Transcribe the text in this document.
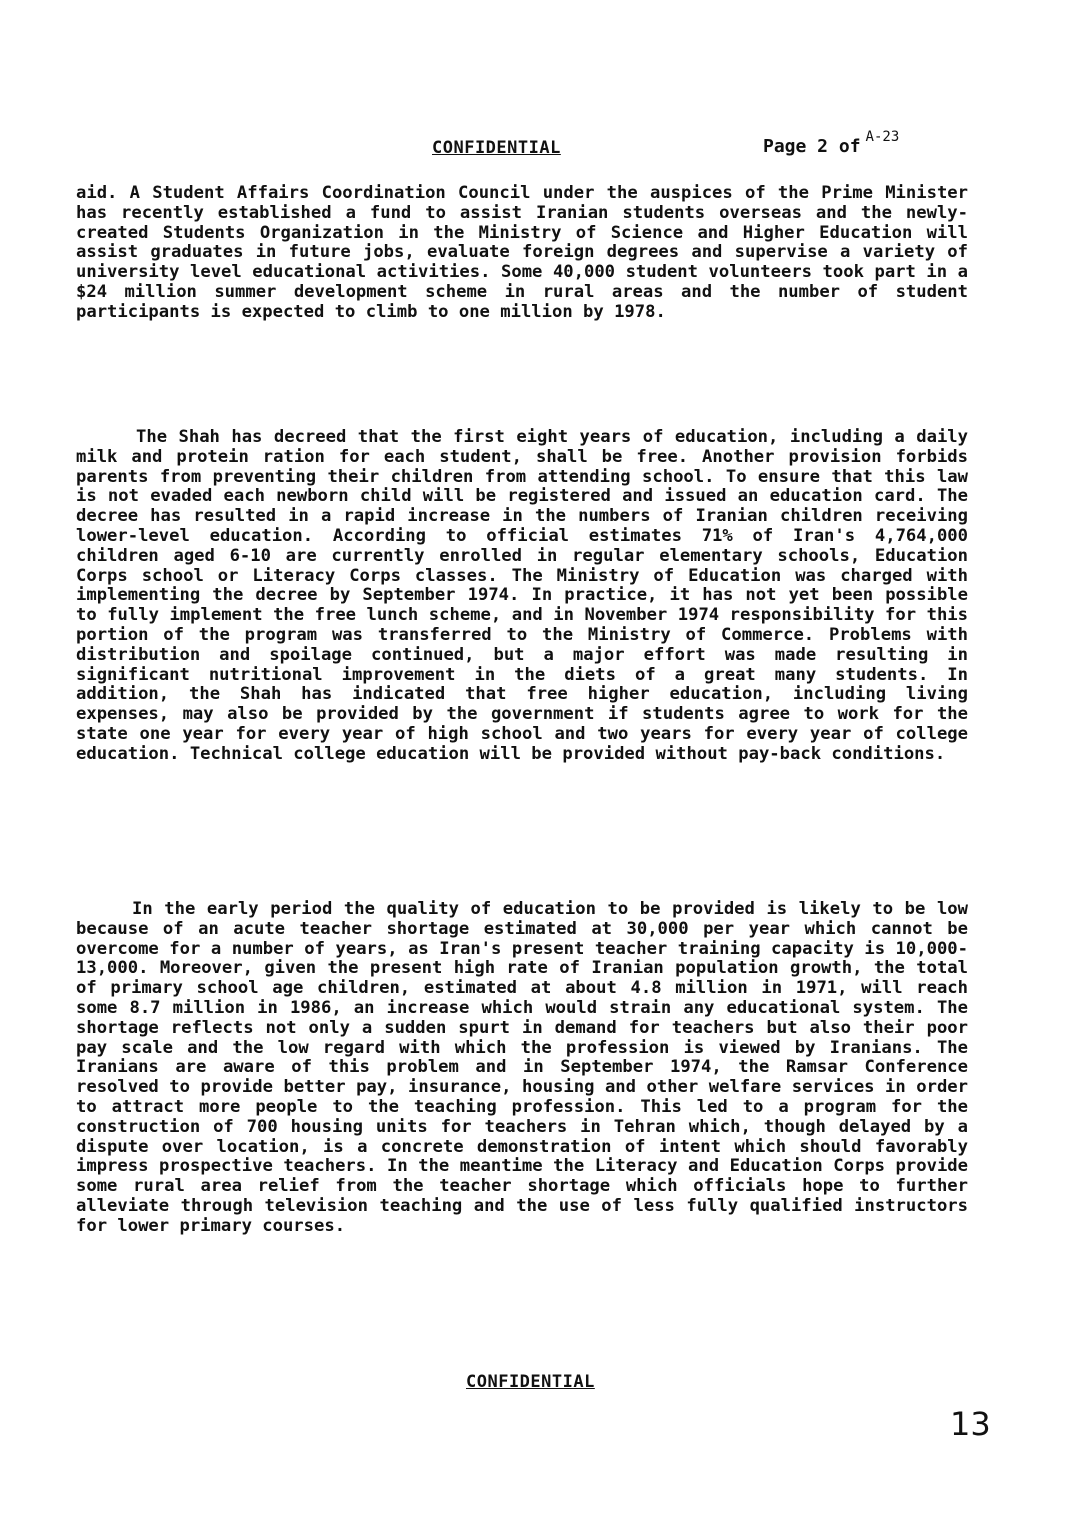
CONFIDENTIAL	Page 2 of $^{A-23}$
aid. A Student Affairs Coordination Council under the auspices of the Prime Minister has recently established a fund to assist Iranian students overseas and the newly-created Students Organization in the Ministry of Science and Higher Education will assist graduates in future jobs, evaluate foreign degrees and supervise a variety of university level educational activities. Some 40,000 student volunteers took part in a $24 million summer development scheme in rural areas and the number of student participants is expected to climb to one million by 1978.
The Shah has decreed that the first eight years of education, including a daily milk and protein ration for each student, shall be free. Another provision forbids parents from preventing their children from attending school. To ensure that this law is not evaded each newborn child will be registered and issued an education card. The decree has resulted in a rapid increase in the numbers of Iranian children receiving lower-level education. According to official estimates 71% of Iran's 4,764,000 children aged 6-10 are currently enrolled in regular elementary schools, Education Corps school or Literacy Corps classes. The Ministry of Education was charged with implementing the decree by September 1974. In practice, it has not yet been possible to fully implement the free lunch scheme, and in November 1974 responsibility for this portion of the program was transferred to the Ministry of Commerce. Problems with distribution and spoilage continued, but a major effort was made resulting in significant nutritional improvement in the diets of a great many students. In addition, the Shah has indicated that free higher education, including living expenses, may also be provided by the government if students agree to work for the state one year for every year of high school and two years for every year of college education. Technical college education will be provided without pay-back conditions.
In the early period the quality of education to be provided is likely to be low because of an acute teacher shortage estimated at 30,000 per year which cannot be overcome for a number of years, as Iran's present teacher training capacity is 10,000-13,000. Moreover, given the present high rate of Iranian population growth, the total of primary school age children, estimated at about 4.8 million in 1971, will reach some 8.7 million in 1986, an increase which would strain any educational system. The shortage reflects not only a sudden spurt in demand for teachers but also their poor pay scale and the low regard with which the profession is viewed by Iranians. The Iranians are aware of this problem and in September 1974, the Ramsar Conference resolved to provide better pay, insurance, housing and other welfare services in order to attract more people to the teaching profession. This led to a program for the construction of 700 housing units for teachers in Tehran which, though delayed by a dispute over location, is a concrete demonstration of intent which should favorably impress prospective teachers. In the meantime the Literacy and Education Corps provide some rural area relief from the teacher shortage which officials hope to further alleviate through television teaching and the use of less fully qualified instructors for lower primary courses.
CONFIDENTIAL
13
